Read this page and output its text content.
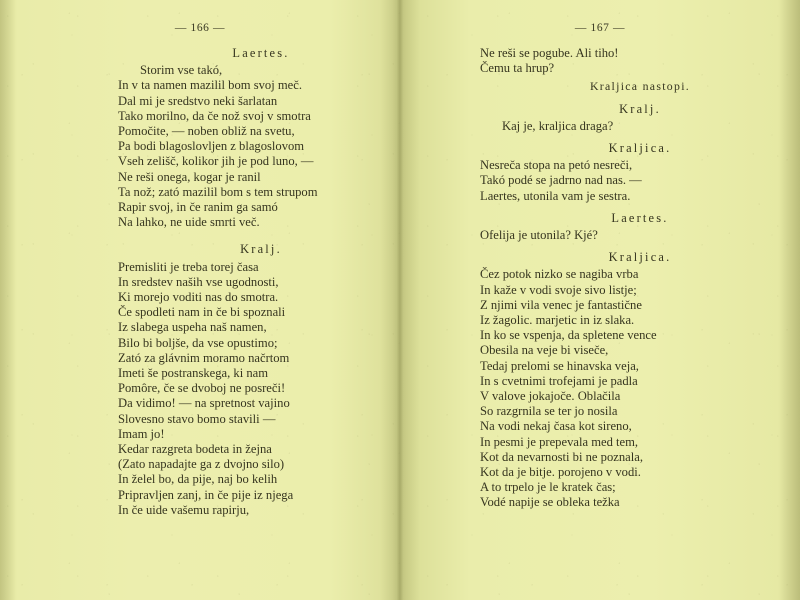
— 166 —
Laertes.
Storim vse takó,
In v ta namen mazilil bom svoj meč.
Dal mi je sredstvo neki šarlatan
Tako morilno, da če nož svoj v smotra
Pomočite, — noben obliž na svetu,
Pa bodi blagoslovljen z blagoslovom
Vseh zelišč, kolikor jih je pod luno, —
Ne reši onega, kogar je ranil
Ta nož; zató mazilil bom s tem strupom
Rapir svoj, in če ranim ga samó
Na lahko, ne uide smrti več.
Kralj.
Premisliti je treba torej časa
In sredstev naših vse ugodnosti,
Ki morejo voditi nas do smotra.
Če spodleti nam in če bi spoznali
Iz slabega uspeha naš namen,
Bilo bi boljše, da vse opustimo;
Zató za glávnim moramo načrtom
Imeti še postranskega, ki nam
Pomôre, če se dvoboj ne posreči!
Da vidimo! — na spretnost vajino
Slovesno stavo bomo stavili —
Imam jo!
Kedar razgreta bodeta in žejna
(Zato napadajte ga z dvojno silo)
In želel bo, da pije, naj bo kelih
Pripravljen zanj, in če pije iz njega
In če uide vašemu rapirju,
— 167 —
Ne reši se pogube. Ali tiho!
Čemu ta hrup?
Kraljica nastopi.
Kralj.
Kaj je, kraljica draga?
Kraljica.
Nesreča stopa na petó nesreči,
Takó podé se jadrno nad nas. —
Laertes, utonila vam je sestra.
Laertes.
Ofelija je utonila? Kjé?
Kraljica.
Čez potok nizko se nagiba vrba
In kaže v vodi svoje sivo listje;
Z njimi vila venec je fantastične
Iz žagolic. marjetic in iz slaka.
In ko se vspenja, da spletene vence
Obesila na veje bi viseče,
Tedaj prelomi se hinavska veja,
In s cvetnimi trofejami je padla
V valove jokajoče. Oblačila
So razgrnila se ter jo nosila
Na vodi nekaj časa kot sireno,
In pesmi je prepevala med tem,
Kot da nevarnosti bi ne poznala,
Kot da je bitje. porojeno v vodi.
A to trpelo je le kratek čas;
Vodé napije se obleka težka
